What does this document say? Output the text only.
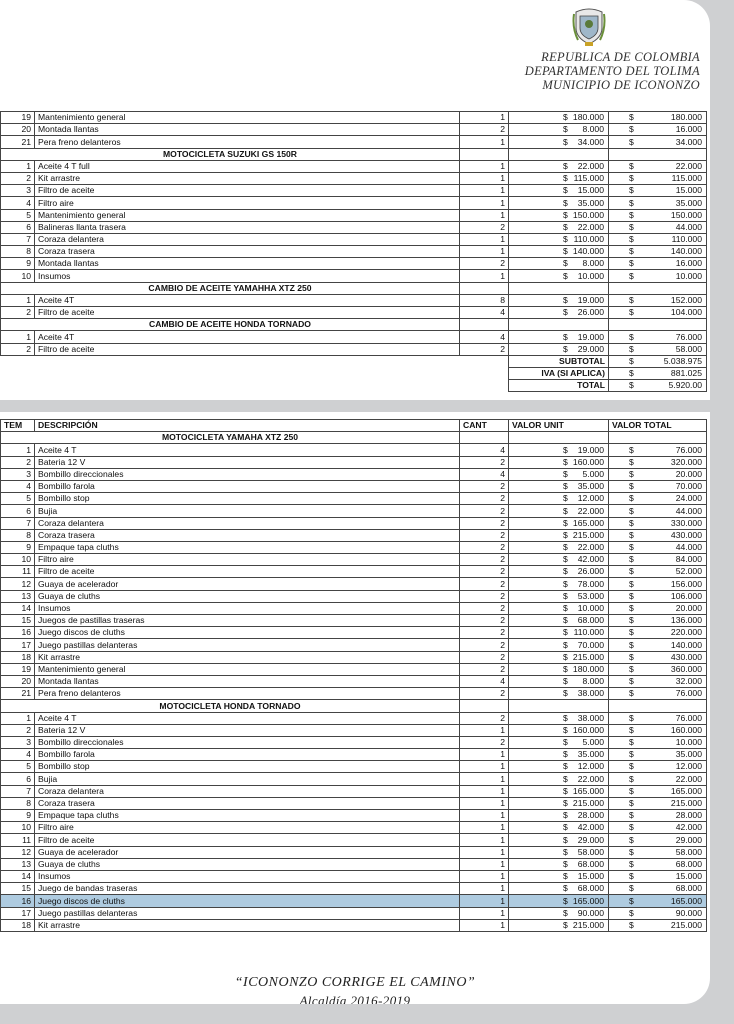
REPUBLICA DE COLOMBIA
DEPARTAMENTO DEL TOLIMA
MUNICIPIO DE ICONONZO
19	Mantenimiento general	1	$ 180.000	$ 180.000

20	Montada llantas	2	$ 8.000	$ 16.000

21	Pera freno delanteros	1	$ 34.000	$ 34.000

MOTOCICLETA SUZUKI GS 150R				
1	Aceite 4 T full	1	$ 22.000	$ 22.000

2	Kit arrastre	1	$ 115.000	$ 115.000

3	Filtro de aceite	1	$ 15.000	$ 15.000

4	Filtro aire	1	$ 35.000	$ 35.000

5	Mantenimiento general	1	$ 150.000	$ 150.000

6	Balineras llanta trasera	2	$ 22.000	$ 44.000

7	Coraza delantera	1	$ 110.000	$ 110.000

8	Coraza trasera	1	$ 140.000	$ 140.000

9	Montada llantas	2	$ 8.000	$ 16.000

10	Insumos	1	$ 10.000	$ 10.000

CAMBIO DE ACEITE YAMAHHA XTZ 250				
1	Aceite 4T	8	$ 19.000	$ 152.000

2	Filtro de aceite	4	$ 26.000	$ 104.000

CAMBIO DE ACEITE HONDA TORNADO				
1	Aceite 4T	4	$ 19.000	$ 76.000

2	Filtro de aceite	2	$ 29.000	$ 58.000

			SUBTOTAL	$ 5.038.975

			IVA (SI APLICA)	$ 881.025

			TOTAL	$ 5.920.00
TEM	DESCRIPCIÓN	CANT	VALOR UNIT	VALOR TOTAL
MOTOCICLETA YAMAHA XTZ 250				
1	Aceite 4 T	4	$ 19.000	$ 76.000

2	Bateria 12 V	2	$ 160.000	$ 320.000

3	Bombillo direccionales	4	$ 5.000	$ 20.000

4	Bombillo farola	2	$ 35.000	$ 70.000

5	Bombillo stop	2	$ 12.000	$ 24.000

6	Bujia	2	$ 22.000	$ 44.000

7	Coraza delantera	2	$ 165.000	$ 330.000

8	Coraza trasera	2	$ 215.000	$ 430.000

9	Empaque tapa cluths	2	$ 22.000	$ 44.000

10	Filtro aire	2	$ 42.000	$ 84.000

11	Filtro de aceite	2	$ 26.000	$ 52.000

12	Guaya de acelerador	2	$ 78.000	$ 156.000

13	Guaya de cluths	2	$ 53.000	$ 106.000

14	Insumos	2	$ 10.000	$ 20.000

15	Juegos de pastillas traseras	2	$ 68.000	$ 136.000

16	Juego discos de cluths	2	$ 110.000	$ 220.000

17	Juego pastillas delanteras	2	$ 70.000	$ 140.000

18	Kit arrastre	2	$ 215.000	$ 430.000

19	Mantenimiento general	2	$ 180.000	$ 360.000

20	Montada llantas	4	$ 8.000	$ 32.000

21	Pera freno delanteros	2	$ 38.000	$ 76.000

MOTOCICLETA HONDA TORNADO				
1	Aceite 4 T	2	$ 38.000	$ 76.000

2	Bateria 12 V	1	$ 160.000	$ 160.000

3	Bombillo direccionales	2	$ 5.000	$ 10.000

4	Bombillo farola	1	$ 35.000	$ 35.000

5	Bombillo stop	1	$ 12.000	$ 12.000

6	Bujia	1	$ 22.000	$ 22.000

7	Coraza delantera	1	$ 165.000	$ 165.000

8	Coraza trasera	1	$ 215.000	$ 215.000

9	Empaque tapa cluths	1	$ 28.000	$ 28.000

10	Filtro aire	1	$ 42.000	$ 42.000

11	Filtro de aceite	1	$ 29.000	$ 29.000

12	Guaya de acelerador	1	$ 58.000	$ 58.000

13	Guaya de cluths	1	$ 68.000	$ 68.000

14	Insumos	1	$ 15.000	$ 15.000

15	Juego de bandas traseras	1	$ 68.000	$ 68.000

16	Juego discos de cluths	1	$ 165.000	$ 165.000

17	Juego pastillas delanteras	1	$ 90.000	$ 90.000

18	Kit arrastre	1	$ 215.000	$ 215.000
“ICONONZO CORRIGE EL CAMINO”
Alcaldía 2016-2019
